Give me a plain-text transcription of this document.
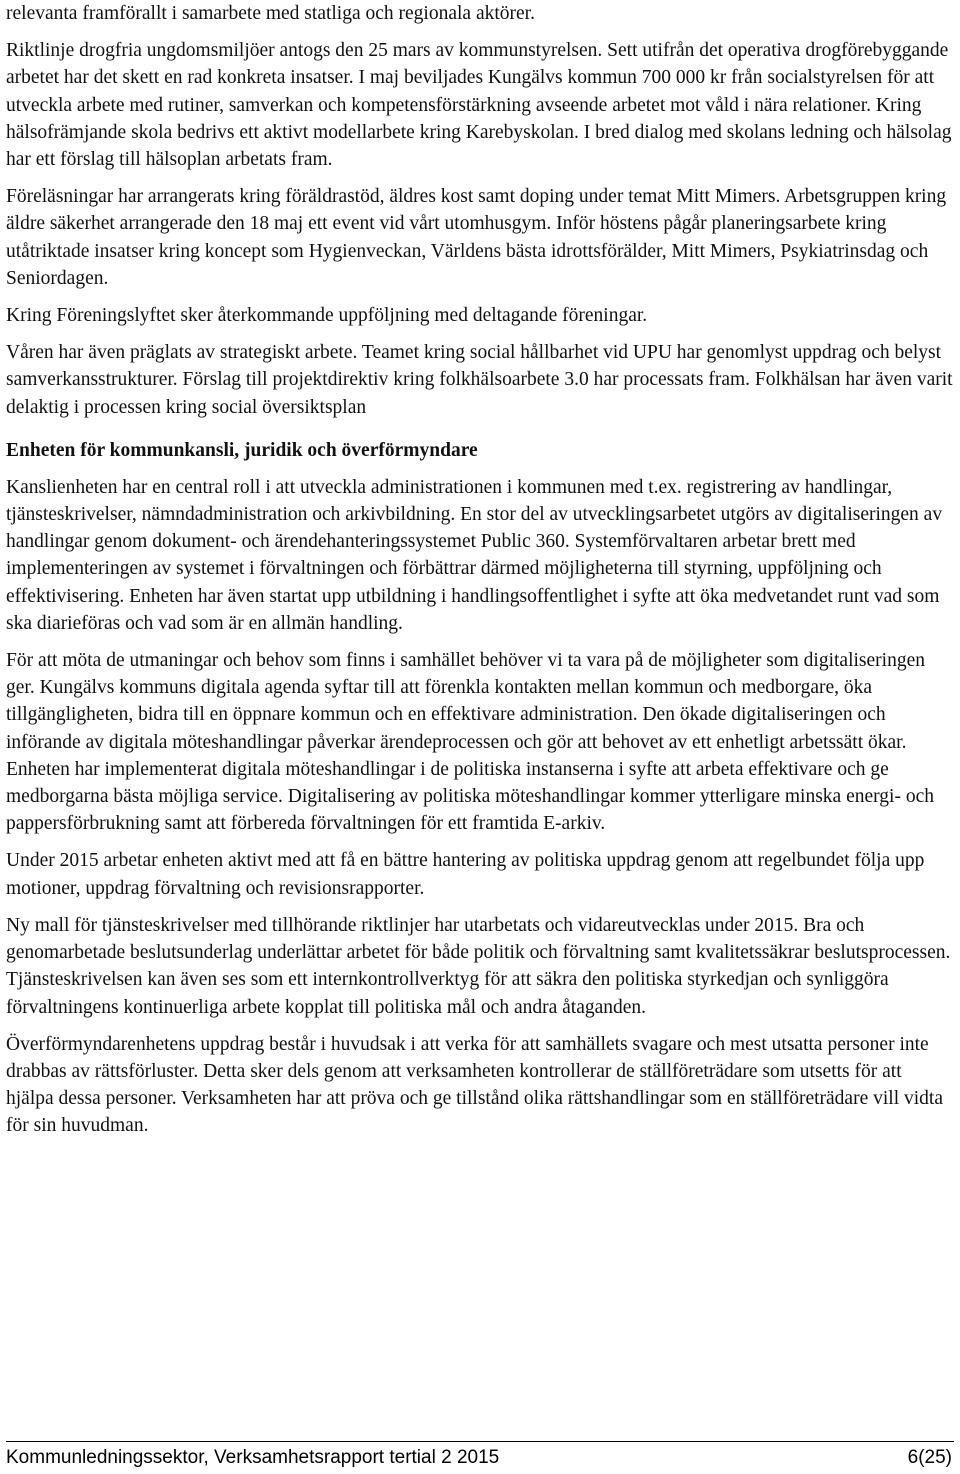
relevanta framförallt i samarbete med statliga och regionala aktörer.

Riktlinje drogfria ungdomsmiljöer antogs den 25 mars av kommunstyrelsen. Sett utifrån det operativa drogförebyggande arbetet har det skett en rad konkreta insatser. I maj beviljades Kungälvs kommun 700 000 kr från socialstyrelsen för att utveckla arbete med rutiner, samverkan och kompetensförstärkning avseende arbetet mot våld i nära relationer. Kring hälsofrämjande skola bedrivs ett aktivt modellarbete kring Karebyskolan. I bred dialog med skolans ledning och hälsolag har ett förslag till hälsoplan arbetats fram.

Föreläsningar har arrangerats kring föräldrastöd, äldres kost samt doping under temat Mitt Mimers. Arbetsgruppen kring äldre säkerhet arrangerade den 18 maj ett event vid vårt utomhusgym. Inför höstens pågår planeringsarbete kring utåtriktade insatser kring koncept som Hygienveckan, Världens bästa idrottsförälder, Mitt Mimers, Psykiatrinsdag och Seniordagen.

Kring Föreningslyftet sker återkommande uppföljning med deltagande föreningar.

Våren har även präglats av strategiskt arbete. Teamet kring social hållbarhet vid UPU har genomlyst uppdrag och belyst samverkansstrukturer. Förslag till projektdirektiv kring folkhälsoarbete 3.0 har processats fram. Folkhälsan har även varit delaktig i processen kring social översiktsplan

Enheten för kommunkansli, juridik och överförmyndare

Kanslienheten har en central roll i att utveckla administrationen i kommunen med t.ex. registrering av handlingar, tjänsteskrivelser, nämndadministration och arkivbildning. En stor del av utvecklingsarbetet utgörs av digitaliseringen av handlingar genom dokument- och ärendehanteringssystemet Public 360. Systemförvaltaren arbetar brett med implementeringen av systemet i förvaltningen och förbättrar därmed möjligheterna till styrning, uppföljning och effektivisering. Enheten har även startat upp utbildning i handlingsoffentlighet i syfte att öka medvetandet runt vad som ska diarieföras och vad som är en allmän handling.

För att möta de utmaningar och behov som finns i samhället behöver vi ta vara på de möjligheter som digitaliseringen ger. Kungälvs kommuns digitala agenda syftar till att förenkla kontakten mellan kommun och medborgare, öka tillgängligheten, bidra till en öppnare kommun och en effektivare administration. Den ökade digitaliseringen och införande av digitala möteshandlingar påverkar ärendeprocessen och gör att behovet av ett enhetligt arbetssätt ökar. Enheten har implementerat digitala möteshandlingar i de politiska instanserna i syfte att arbeta effektivare och ge medborgarna bästa möjliga service. Digitalisering av politiska möteshandlingar kommer ytterligare minska energi- och pappersförbrukning samt att förbereda förvaltningen för ett framtida E-arkiv.

Under 2015 arbetar enheten aktivt med att få en bättre hantering av politiska uppdrag genom att regelbundet följa upp motioner, uppdrag förvaltning och revisionsrapporter.

Ny mall för tjänsteskrivelser med tillhörande riktlinjer har utarbetats och vidareutvecklas under 2015. Bra och genomarbetade beslutsunderlag underlättar arbetet för både politik och förvaltning samt kvalitetssäkrar beslutsprocessen. Tjänsteskrivelsen kan även ses som ett internkontrollverktyg för att säkra den politiska styrkedjan och synliggöra förvaltningens kontinuerliga arbete kopplat till politiska mål och andra åtaganden.

Överförmyndarenhetens uppdrag består i huvudsak i att verka för att samhällets svagare och mest utsatta personer inte drabbas av rättsförluster. Detta sker dels genom att verksamheten kontrollerar de ställföreträdare som utsetts för att hjälpa dessa personer. Verksamheten har att pröva och ge tillstånd olika rättshandlingar som en ställföreträdare vill vidta för sin huvudman.

Kommunledningssektor, Verksamhetsrapport tertial 2 2015	6(25)
